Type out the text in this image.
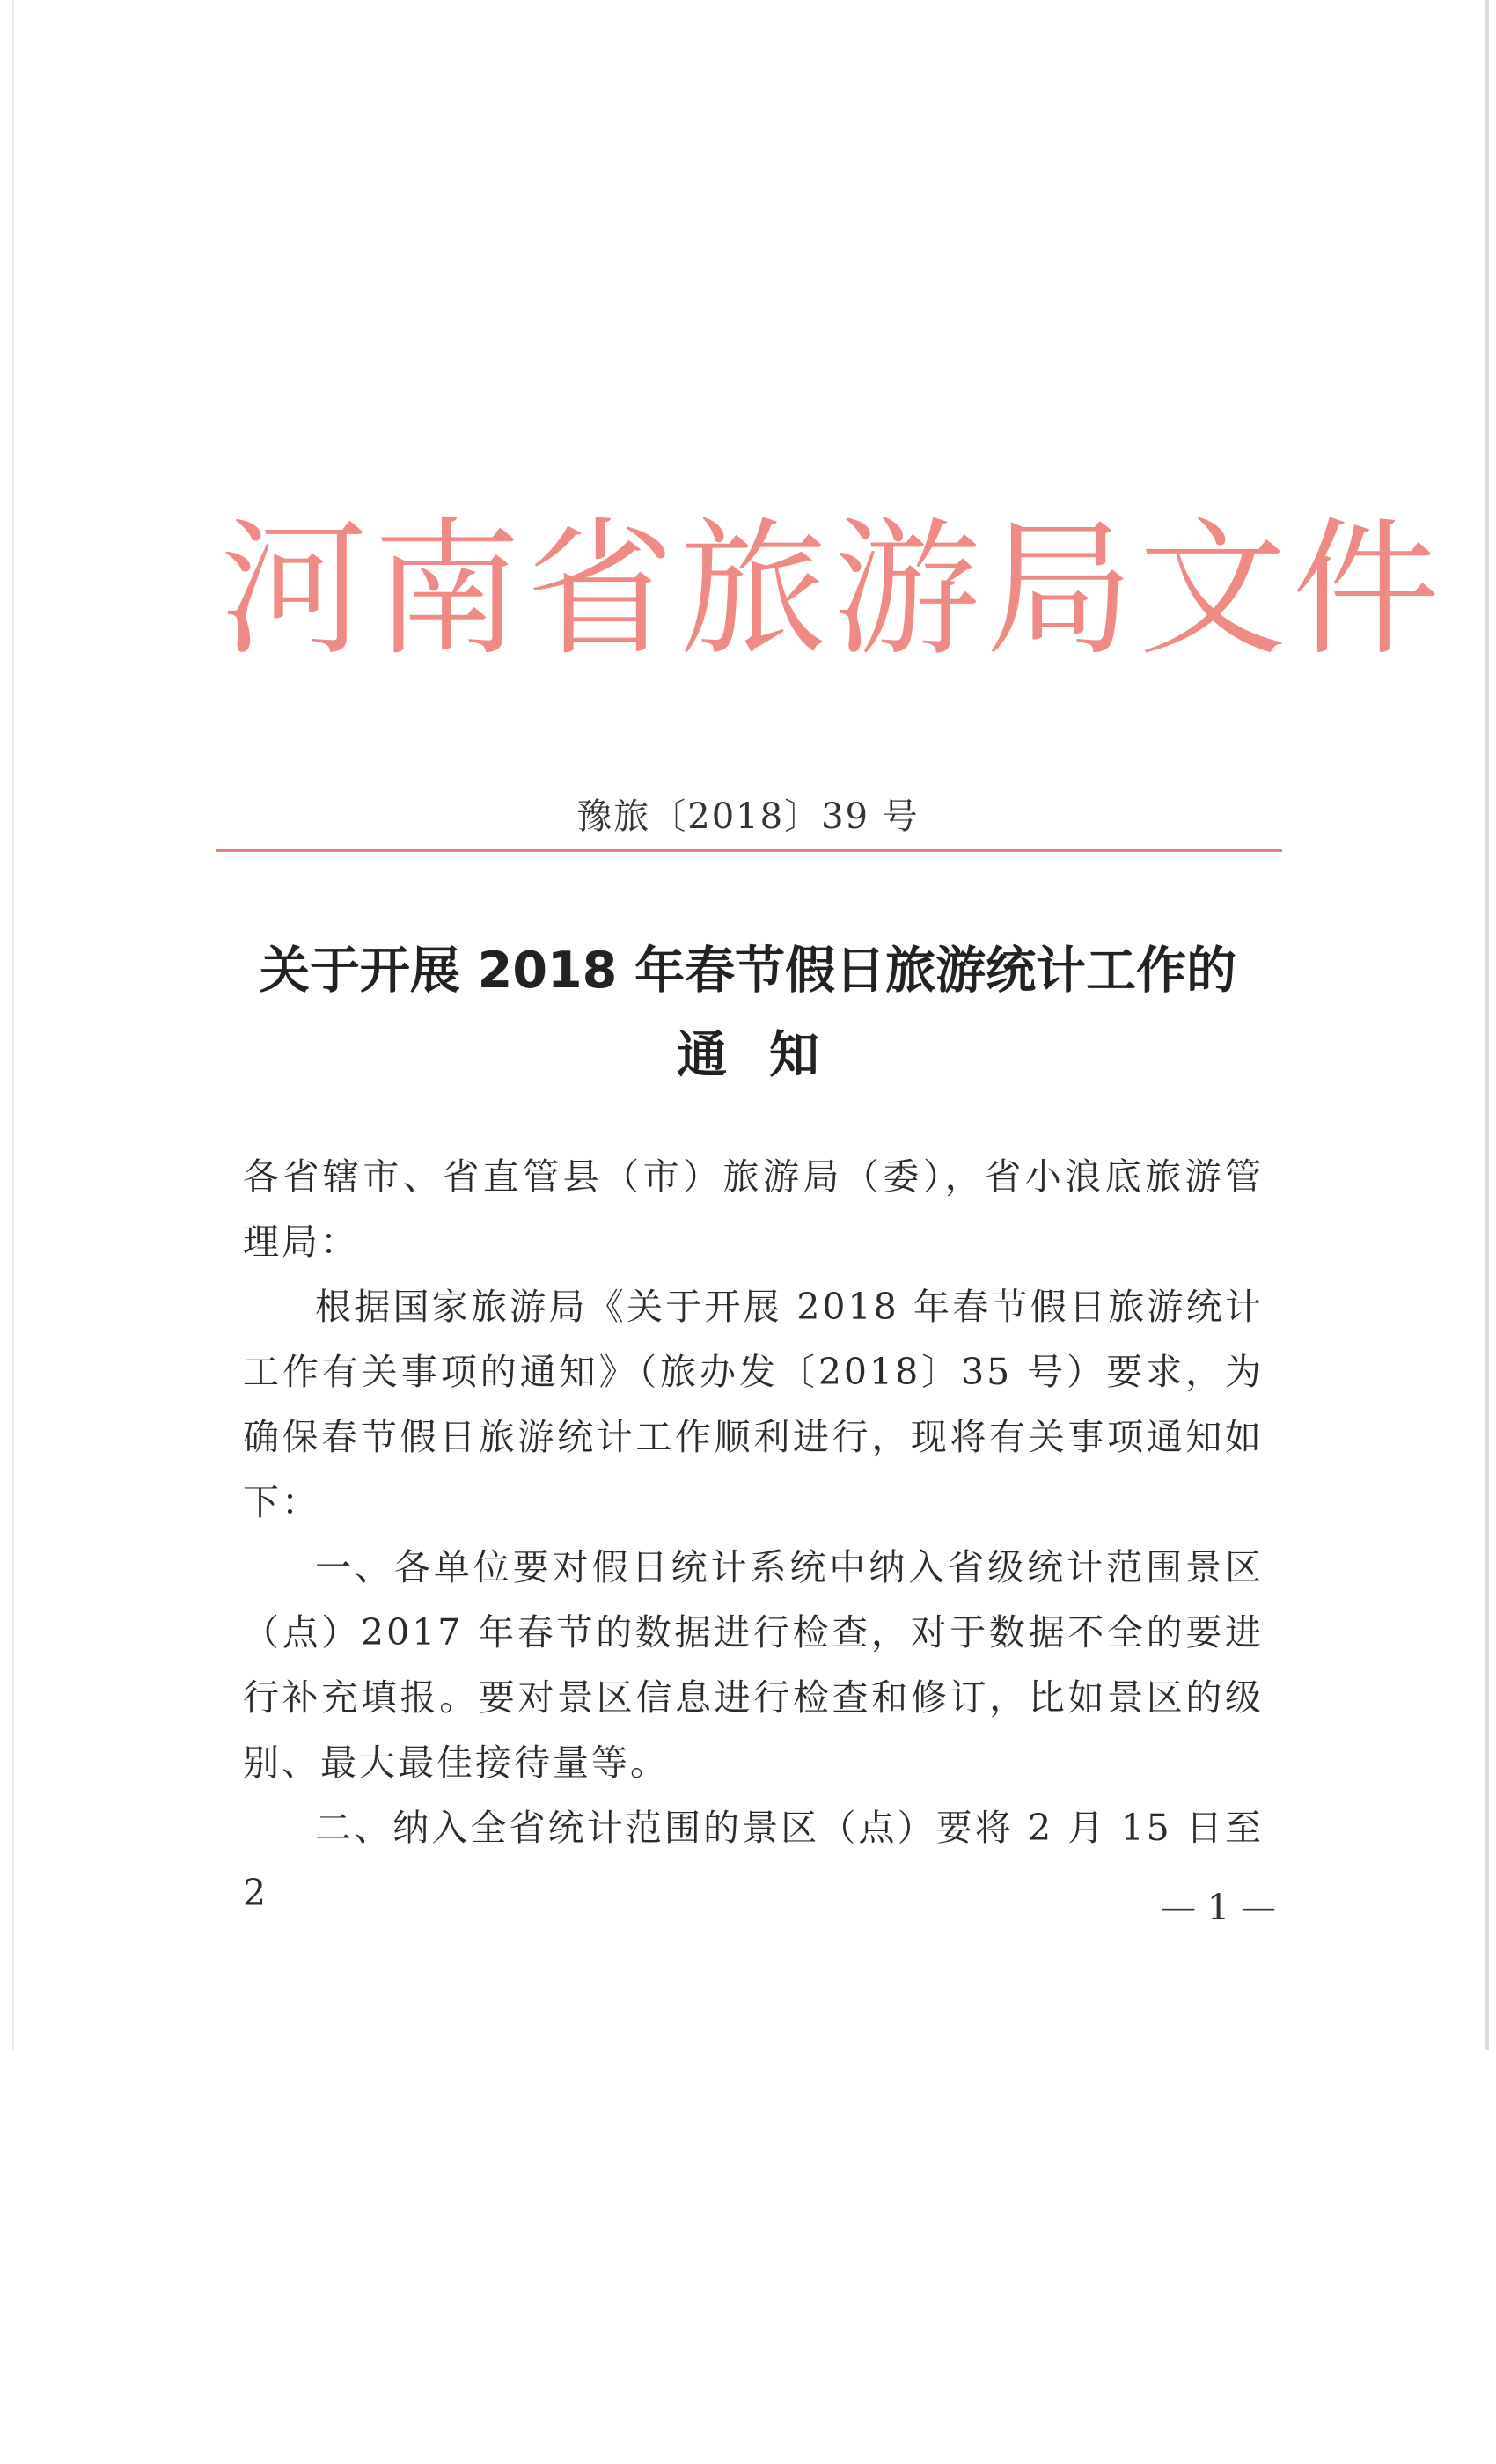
河南省旅游局文件
豫旅〔2018〕39 号
关于开展 2018 年春节假日旅游统计工作的
通知

各省辖市、省直管县（市）旅游局（委），省小浪底旅游管理局：

根据国家旅游局《关于开展 2018 年春节假日旅游统计工作有关事项的通知》（旅办发〔2018〕35 号）要求，为确保春节假日旅游统计工作顺利进行，现将有关事项通知如下：

一、各单位要对假日统计系统中纳入省级统计范围景区（点）2017 年春节的数据进行检查，对于数据不全的要进行补充填报。要对景区信息进行检查和修订，比如景区的级别、最大最佳接待量等。

二、纳入全省统计范围的景区（点）要将 2 月 15 日至 2	— 1 —
